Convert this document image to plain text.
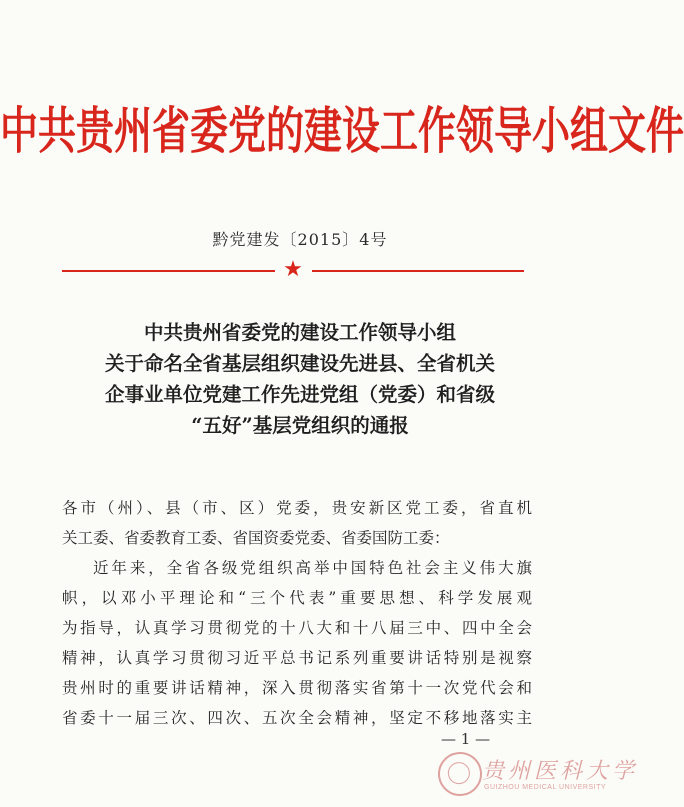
中共贵州省委党的建设工作领导小组文件
黔党建发〔2015〕4号
★
中共贵州省委党的建设工作领导小组
关于命名全省基层组织建设先进县、全省机关
企事业单位党建工作先进党组（党委）和省级
“五好”基层党组织的通报
各市（州）、县（市、区）党委，贵安新区党工委，省直机
关工委、省委教育工委、省国资委党委、省委国防工委：
近年来，全省各级党组织高举中国特色社会主义伟大旗
帜，以邓小平理论和“三个代表”重要思想、科学发展观
为指导，认真学习贯彻党的十八大和十八届三中、四中全会
精神，认真学习贯彻习近平总书记系列重要讲话特别是视察
贵州时的重要讲话精神，深入贯彻落实省第十一次党代会和
省委十一届三次、四次、五次全会精神，坚定不移地落实主
— 1 —
贵州医科大学
GUIZHOU MEDICAL UNIVERSITY
